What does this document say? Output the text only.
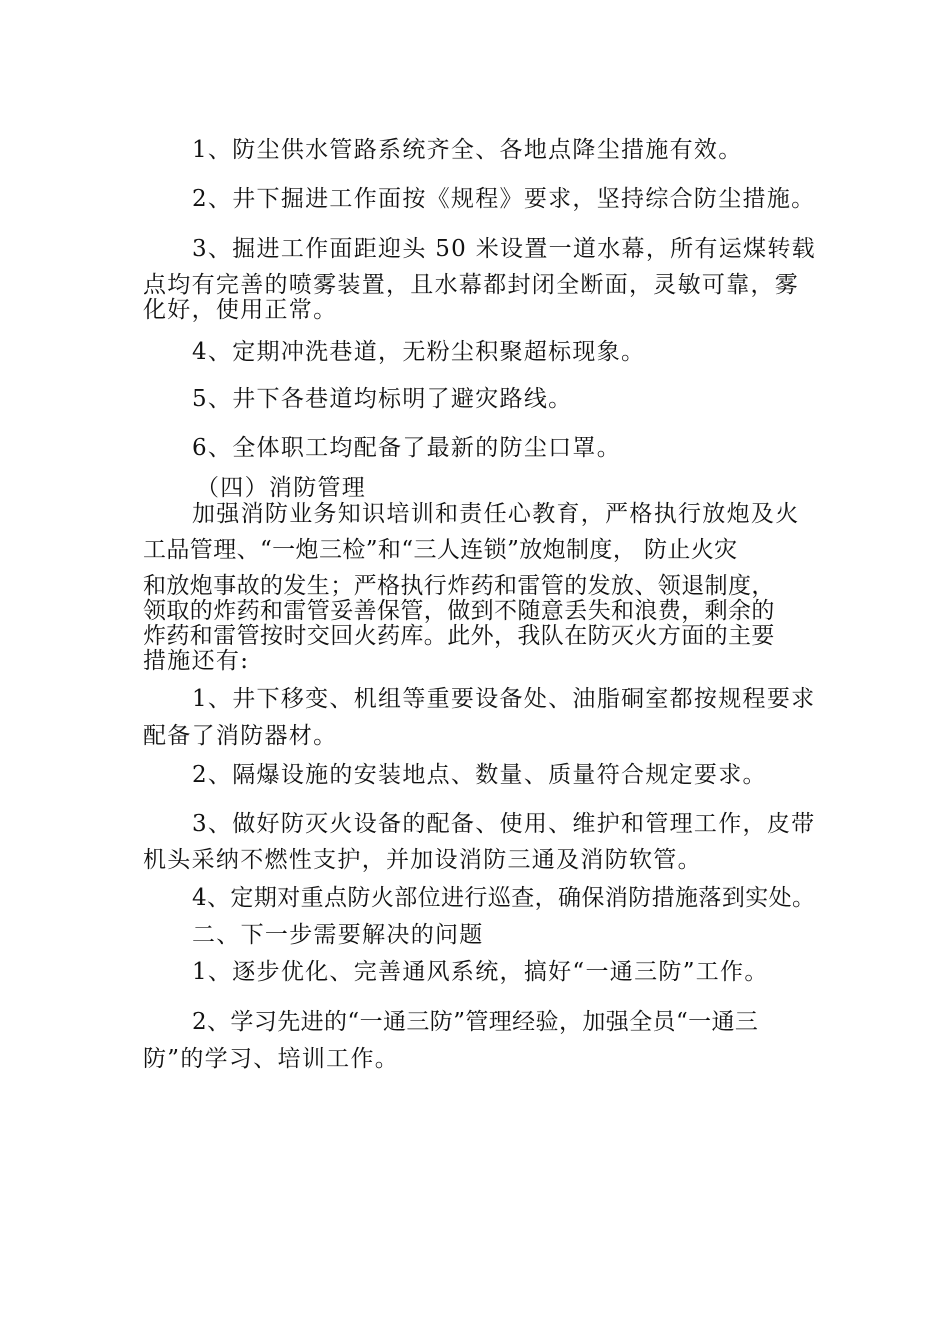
1、防尘供水管路系统齐全、各地点降尘措施有效。
2、井下掘进工作面按《规程》要求，坚持综合防尘措施。
3、掘进工作面距迎头 50 米设置一道水幕，所有运煤转载
点均有完善的喷雾装置，且水幕都封闭全断面，灵敏可靠，雾
化好，使用正常。
4、定期冲洗巷道，无粉尘积聚超标现象。
5、井下各巷道均标明了避灾路线。
6、全体职工均配备了最新的防尘口罩。
（四）消防管理
加强消防业务知识培训和责任心教育，严格执行放炮及火
工品管理、“一炮三检”和“三人连锁”放炮制度， 防止火灾
和放炮事故的发生；严格执行炸药和雷管的发放、领退制度，
领取的炸药和雷管妥善保管，做到不随意丢失和浪费，剩余的
炸药和雷管按时交回火药库。此外，我队在防灭火方面的主要
措施还有:
1、井下移变、机组等重要设备处、油脂硐室都按规程要求
配备了消防器材。
2、隔爆设施的安装地点、数量、质量符合规定要求。
3、做好防灭火设备的配备、使用、维护和管理工作，皮带
机头采纳不燃性支护，并加设消防三通及消防软管。
4、定期对重点防火部位进行巡查，确保消防措施落到实处。
二、下一步需要解决的问题
1、逐步优化、完善通风系统，搞好“一通三防”工作。
2、学习先进的“一通三防”管理经验，加强全员“一通三
防”的学习、培训工作。
